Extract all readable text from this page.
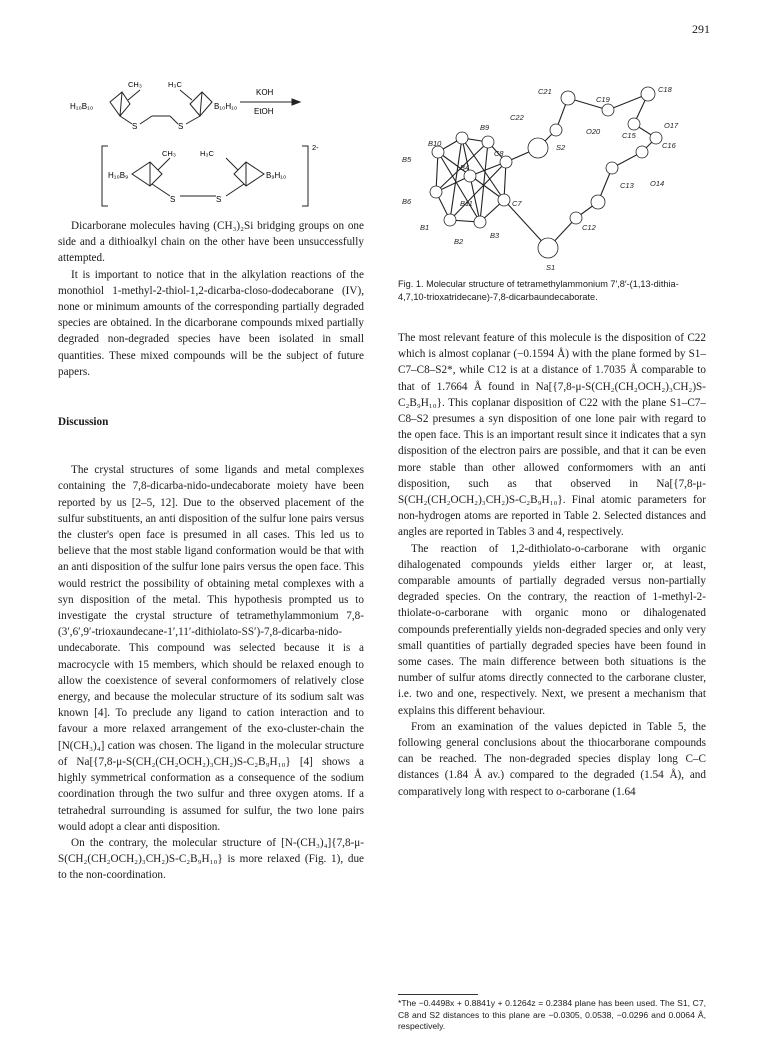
291
H₁₀B₁₀	B₁₀H₁₀
CH₃	H₃C
S	S
KOH
EtOH
H₁₀B₉	B₉H₁₀
CH₃	H₃C
S	S
2-
C21
C19
C18
C22
O20	C15
O17
C16
B9
S2
B10
B5
C8
B4
C13 O14
B6	B11	C7
C12
B1
B3
B2
S1
Fig. 1. Molecular structure of tetramethylammonium 7′,8′-(1,13-dithia-4,7,10-trioxatridecane)-7,8-dicarbaundecaborate.

Dicarborane molecules having (CH₃)₂Si bridging groups on one side and a dithioalkyl chain on the other have been unsuccessfully attempted.

It is important to notice that in the alkylation reactions of the monothiol 1-methyl-2-thiol-1,2-dicarba-closo-dodecaborane (IV), none or minimum amounts of the corresponding partially degraded species are obtained. In the dicarborane compounds mixed partially degraded non-degraded species have been isolated in small quantities. These mixed compounds will be the subject of future papers.

Discussion

The crystal structures of some ligands and metal complexes containing the 7,8-dicarba-nido-undecaborate moiety have been reported by us [2–5, 12]. Due to the observed placement of the sulfur substituents, an anti disposition of the sulfur lone pairs versus the cluster's open face is presumed in all cases. This led us to believe that the most stable ligand conformation would be that with an anti disposition of the sulfur lone pairs versus the open face. This would restrict the possibility of obtaining metal complexes with a syn disposition of the metal. This hypothesis prompted us to investigate the crystal structure of tetramethylammonium 7,8-(3′,6′,9′-trioxaundecane-1′,11′-dithiolato-SS′)-7,8-dicarba-nido-undecaborate. This compound was selected because it is a macrocycle with 15 members, which should be relaxed enough to allow the coexistence of several conformomers of relatively close energy, and because the molecular structure of its sodium salt was known [4]. To preclude any ligand to cation interaction and to favour a more relaxed arrangement of the exo-cluster-chain the [N(CH₃)₄] cation was chosen. The ligand in the molecular structure of Na[{7,8-μ-S(CH₂(CH₂OCH₂)₃CH₂)S-C₂B₉H₁₀} [4] shows a highly symmetrical conformation as a consequence of the sodium coordination through the two sulfur and three oxygen atoms. If a tetrahedral surrounding is assumed for sulfur, the two lone pairs would adopt a clear anti disposition.

On the contrary, the molecular structure of [N-(CH₃)₄]{7,8-μ-S(CH₂(CH₂OCH₂)₃CH₂)S-C₂B₉H₁₀} is more relaxed (Fig. 1), due to the non-coordination.

The most relevant feature of this molecule is the disposition of C22 which is almost coplanar (−0.1594 Å) with the plane formed by S1–C7–C8–S2*, while C12 is at a distance of 1.7035 Å comparable to that of 1.7664 Å found in Na[{7,8-μ-S(CH₂(CH₂OCH₂)₃CH₂)S-C₂B₉H₁₀}. This coplanar disposition of C22 with the plane S1–C7–C8–S2 presumes a syn disposition of one lone pair with regard to the open face. This is an important result since it indicates that a syn disposition of the electron pairs are possible, and that it can be even more stable than other allowed conformomers with an anti disposition, such as that observed in Na[{7,8-μ-S(CH₂(CH₂OCH₂)₃CH₂)S-C₂B₉H₁₀}. Final atomic parameters for non-hydrogen atoms are reported in Table 2. Selected distances and angles are reported in Tables 3 and 4, respectively.

The reaction of 1,2-dithiolato-o-carborane with organic dihalogenated compounds yields either larger or, at least, comparable amounts of partially degraded versus non-partially degraded species. On the contrary, the reaction of 1-methyl-2-thiolate-o-carborane with organic mono or dihalogenated compounds preferentially yields non-degraded species and only very small quantities of partially degraded species have been found in some cases. The main difference between both situations is the number of sulfur atoms directly connected to the carborane cluster, i.e. two and one, respectively. Next, we present a mechanism that explains this different behaviour.

From an examination of the values depicted in Table 5, the following general conclusions about the thiocarborane compounds can be reached. The non-degraded species display long C–C distances (1.84 Å av.) compared to the degraded (1.54 Å), and comparatively long with respect to o-carborane (1.64

*The −0.4498x + 0.8841y + 0.1264z = 0.2384 plane has been used. The S1, C7, C8 and S2 distances to this plane are −0.0305, 0.0538, −0.0296 and 0.0064 Å, respectively.
